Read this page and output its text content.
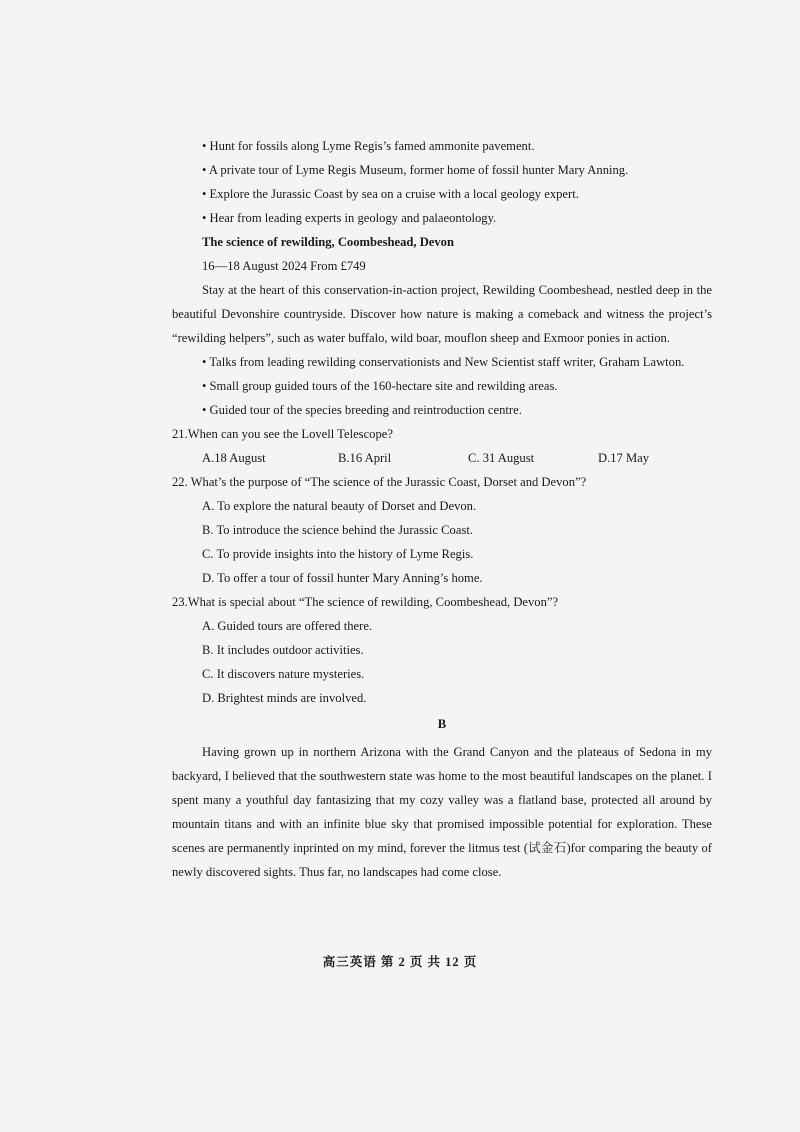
• Hunt for fossils along Lyme Regis’s famed ammonite pavement.
• A private tour of Lyme Regis Museum, former home of fossil hunter Mary Anning.
• Explore the Jurassic Coast by sea on a cruise with a local geology expert.
• Hear from leading experts in geology and palaeontology.
The science of rewilding, Coombeshead, Devon
16—18 August 2024 From £749
Stay at the heart of this conservation-in-action project, Rewilding Coombeshead, nestled deep in the beautiful Devonshire countryside. Discover how nature is making a comeback and witness the project’s “rewilding helpers”, such as water buffalo, wild boar, mouflon sheep and Exmoor ponies in action.
• Talks from leading rewilding conservationists and New Scientist staff writer, Graham Lawton.
• Small group guided tours of the 160-hectare site and rewilding areas.
• Guided tour of the species breeding and reintroduction centre.
21.When can you see the Lovell Telescope?
A.18 August	B.16 April	C. 31 August	D.17 May
22. What’s the purpose of “The science of the Jurassic Coast, Dorset and Devon”?
A. To explore the natural beauty of Dorset and Devon.
B. To introduce the science behind the Jurassic Coast.
C. To provide insights into the history of Lyme Regis.
D. To offer a tour of fossil hunter Mary Anning’s home.
23.What is special about “The science of rewilding, Coombeshead, Devon”?
A. Guided tours are offered there.
B. It includes outdoor activities.
C. It discovers nature mysteries.
D. Brightest minds are involved.
B
Having grown up in northern Arizona with the Grand Canyon and the plateaus of Sedona in my backyard, I believed that the southwestern state was home to the most beautiful landscapes on the planet. I spent many a youthful day fantasizing that my cozy valley was a flatland base, protected all around by mountain titans and with an infinite blue sky that promised impossible potential for exploration. These scenes are permanently inprinted on my mind, forever the litmus test (试金石)for comparing the beauty of newly discovered sights. Thus far, no landscapes had come close.
高三英语 第 2 页 共 12 页
